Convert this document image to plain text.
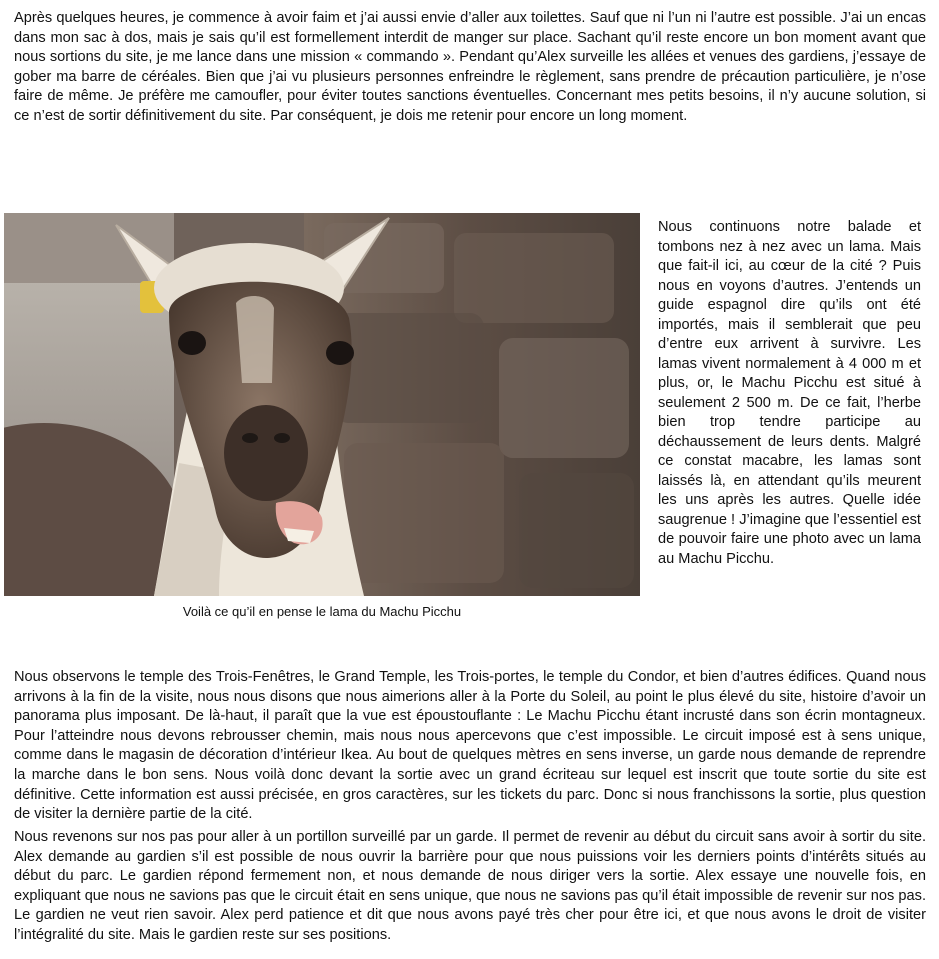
Après quelques heures, je commence à avoir faim et j’ai aussi envie d’aller aux toilettes. Sauf que ni l’un ni l’autre est possible. J’ai un encas dans mon sac à dos, mais je sais qu’il est formellement interdit de manger sur place. Sachant qu’il reste encore un bon moment avant que nous sortions du site, je me lance dans une mission « commando ». Pendant qu’Alex surveille les allées et venues des gardiens, j’essaye de gober ma barre de céréales. Bien que j’ai vu plusieurs personnes enfreindre le règlement, sans prendre de précaution particulière, je n’ose faire de même. Je préfère me camoufler, pour éviter toutes sanctions éventuelles. Concernant mes petits besoins, il n’y aucune solution, si ce n’est de sortir définitivement du site. Par conséquent, je dois me retenir pour encore un long moment.

Voilà ce qu’il en pense le lama du Machu Picchu

Nous continuons notre balade et tombons nez à nez avec un lama. Mais que fait-il ici, au cœur de la cité ? Puis nous en voyons d’autres. J’entends un guide espagnol dire qu’ils ont été importés, mais il semblerait que peu d’entre eux arrivent à survivre. Les lamas vivent normalement à 4 000 m et plus, or, le Machu Picchu est situé à seulement 2 500 m. De ce fait, l’herbe bien trop tendre participe au déchaussement de leurs dents. Malgré ce constat macabre, les lamas sont laissés là, en attendant qu’ils meurent les uns après les autres. Quelle idée saugrenue ! J’imagine que l’essentiel est de pouvoir faire une photo avec un lama au Machu Picchu.

Nous observons le temple des Trois-Fenêtres, le Grand Temple, les Trois-portes, le temple du Condor, et bien d’autres édifices. Quand nous arrivons à la fin de la visite, nous nous disons que nous aimerions aller à la Porte du Soleil, au point le plus élevé du site, histoire d’avoir un panorama plus imposant. De là-haut, il paraît que la vue est époustouflante : Le Machu Picchu étant incrusté dans son écrin montagneux. Pour l’atteindre nous devons rebrousser chemin, mais nous nous apercevons que c’est impossible. Le circuit imposé est à sens unique, comme dans le magasin de décoration d’intérieur Ikea. Au bout de quelques mètres en sens inverse, un garde nous demande de reprendre la marche dans le bon sens. Nous voilà donc devant la sortie avec un grand écriteau sur lequel est inscrit que toute sortie du site est définitive. Cette information est aussi précisée, en gros caractères, sur les tickets du parc. Donc si nous franchissons la sortie, plus question de visiter la dernière partie de la cité.

Nous revenons sur nos pas pour aller à un portillon surveillé par un garde. Il permet de revenir au début du circuit sans avoir à sortir du site. Alex demande au gardien s’il est possible de nous ouvrir la barrière pour que nous puissions voir les derniers points d’intérêts situés au début du parc. Le gardien répond fermement non, et nous demande de nous diriger vers la sortie. Alex essaye une nouvelle fois, en expliquant que nous ne savions pas que le circuit était en sens unique, que nous ne savions pas qu’il était impossible de revenir sur nos pas. Le gardien ne veut rien savoir. Alex perd patience et dit que nous avons payé très cher pour être ici, et que nous avons le droit de visiter l’intégralité du site. Mais le gardien reste sur ses positions.
